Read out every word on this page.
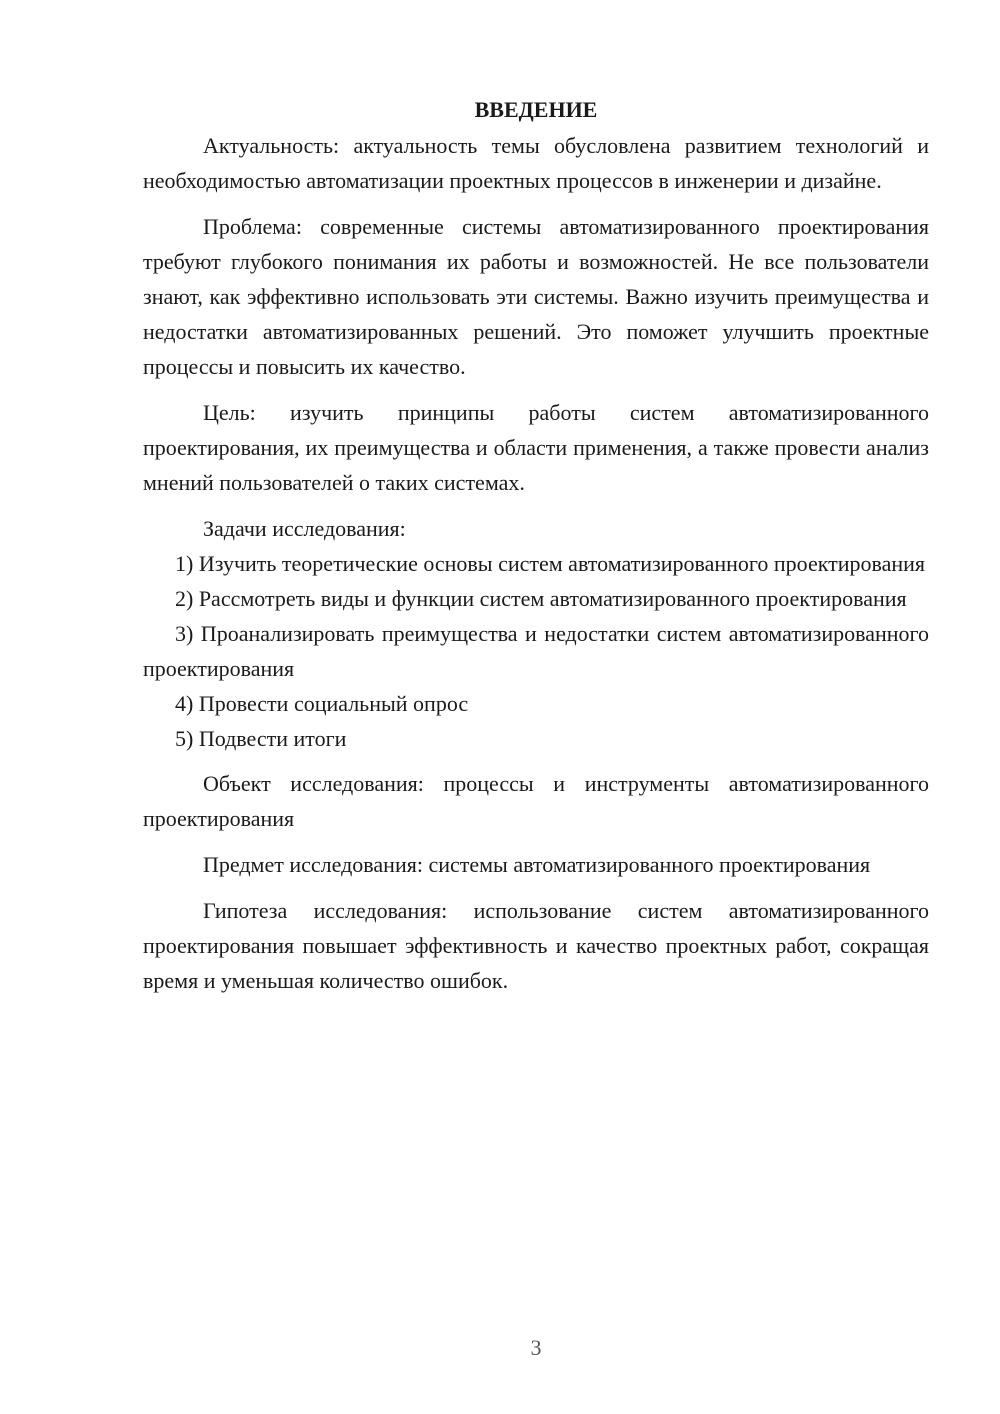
ВВЕДЕНИЕ

Актуальность: актуальность темы обусловлена развитием технологий и необходимостью автоматизации проектных процессов в инженерии и дизайне.

Проблема: современные системы автоматизированного проектирования требуют глубокого понимания их работы и возможностей. Не все пользователи знают, как эффективно использовать эти системы. Важно изучить преимущества и недостатки автоматизированных решений. Это поможет улучшить проектные процессы и повысить их качество.

Цель: изучить принципы работы систем автоматизированного проектирования, их преимущества и области применения, а также провести анализ мнений пользователей о таких системах.

Задачи исследования:

1) Изучить теоретические основы систем автоматизированного проектирования

2) Рассмотреть виды и функции систем автоматизированного проектирования

3) Проанализировать преимущества и недостатки систем автоматизированного проектирования

4) Провести социальный опрос

5) Подвести итоги

Объект исследования: процессы и инструменты автоматизированного проектирования

Предмет исследования: системы автоматизированного проектирования

Гипотеза исследования: использование систем автоматизированного проектирования повышает эффективность и качество проектных работ, сокращая время и уменьшая количество ошибок.

3
